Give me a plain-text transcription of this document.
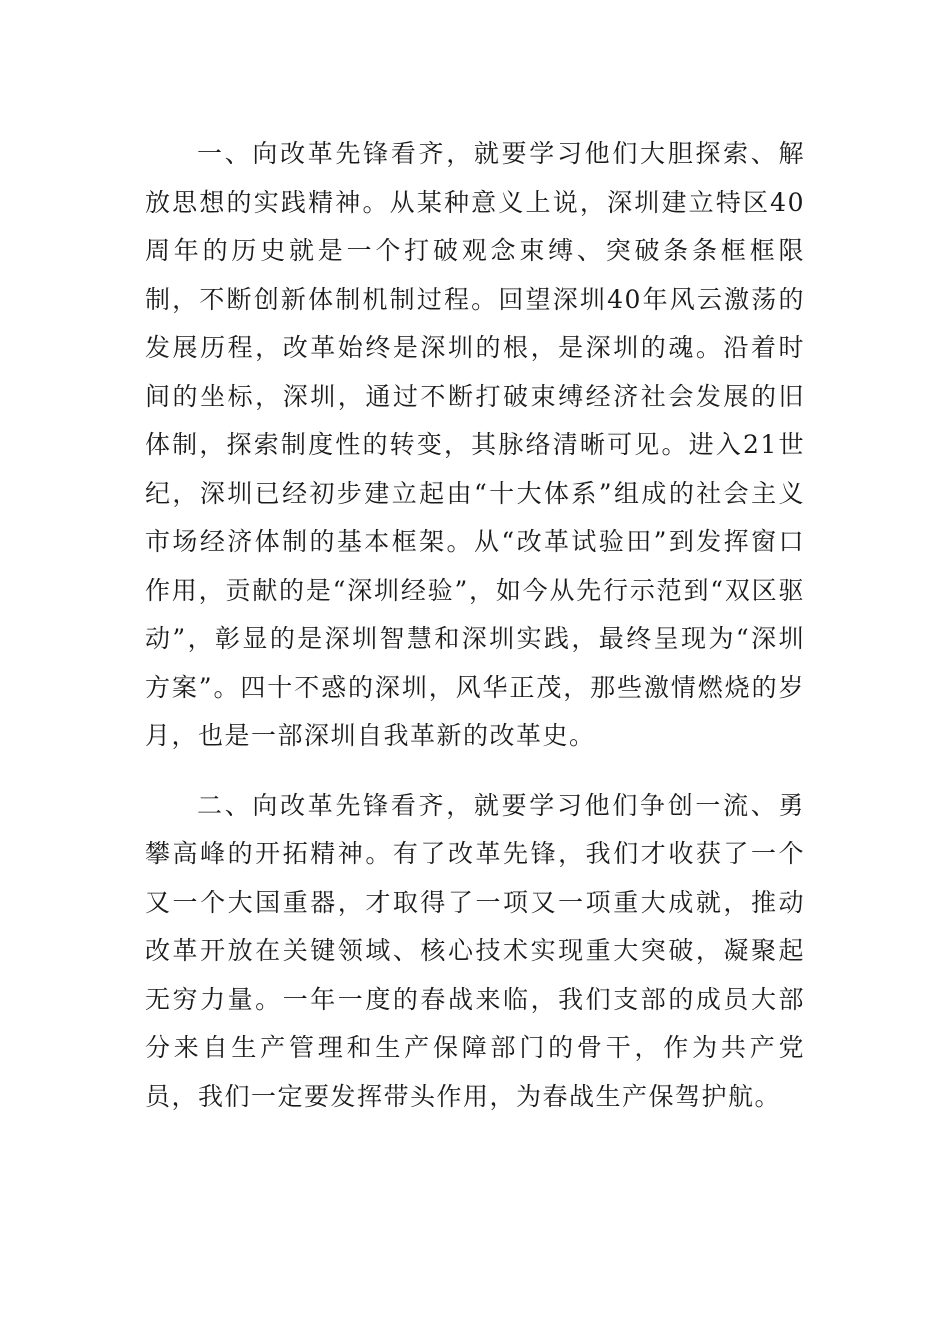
一、向改革先锋看齐，就要学习他们大胆探索、解放思想的实践精神。从某种意义上说，深圳建立特区40周年的历史就是一个打破观念束缚、突破条条框框限制，不断创新体制机制过程。回望深圳40年风云激荡的发展历程，改革始终是深圳的根，是深圳的魂。沿着时间的坐标，深圳，通过不断打破束缚经济社会发展的旧体制，探索制度性的转变，其脉络清晰可见。进入21世纪，深圳已经初步建立起由“十大体系”组成的社会主义市场经济体制的基本框架。从“改革试验田”到发挥窗口作用，贡献的是“深圳经验”，如今从先行示范到“双区驱动”，彰显的是深圳智慧和深圳实践，最终呈现为“深圳方案”。四十不惑的深圳，风华正茂，那些激情燃烧的岁月，也是一部深圳自我革新的改革史。

二、向改革先锋看齐，就要学习他们争创一流、勇攀高峰的开拓精神。有了改革先锋，我们才收获了一个又一个大国重器，才取得了一项又一项重大成就，推动改革开放在关键领域、核心技术实现重大突破，凝聚起无穷力量。一年一度的春战来临，我们支部的成员大部分来自生产管理和生产保障部门的骨干，作为共产党员，我们一定要发挥带头作用，为春战生产保驾护航。
